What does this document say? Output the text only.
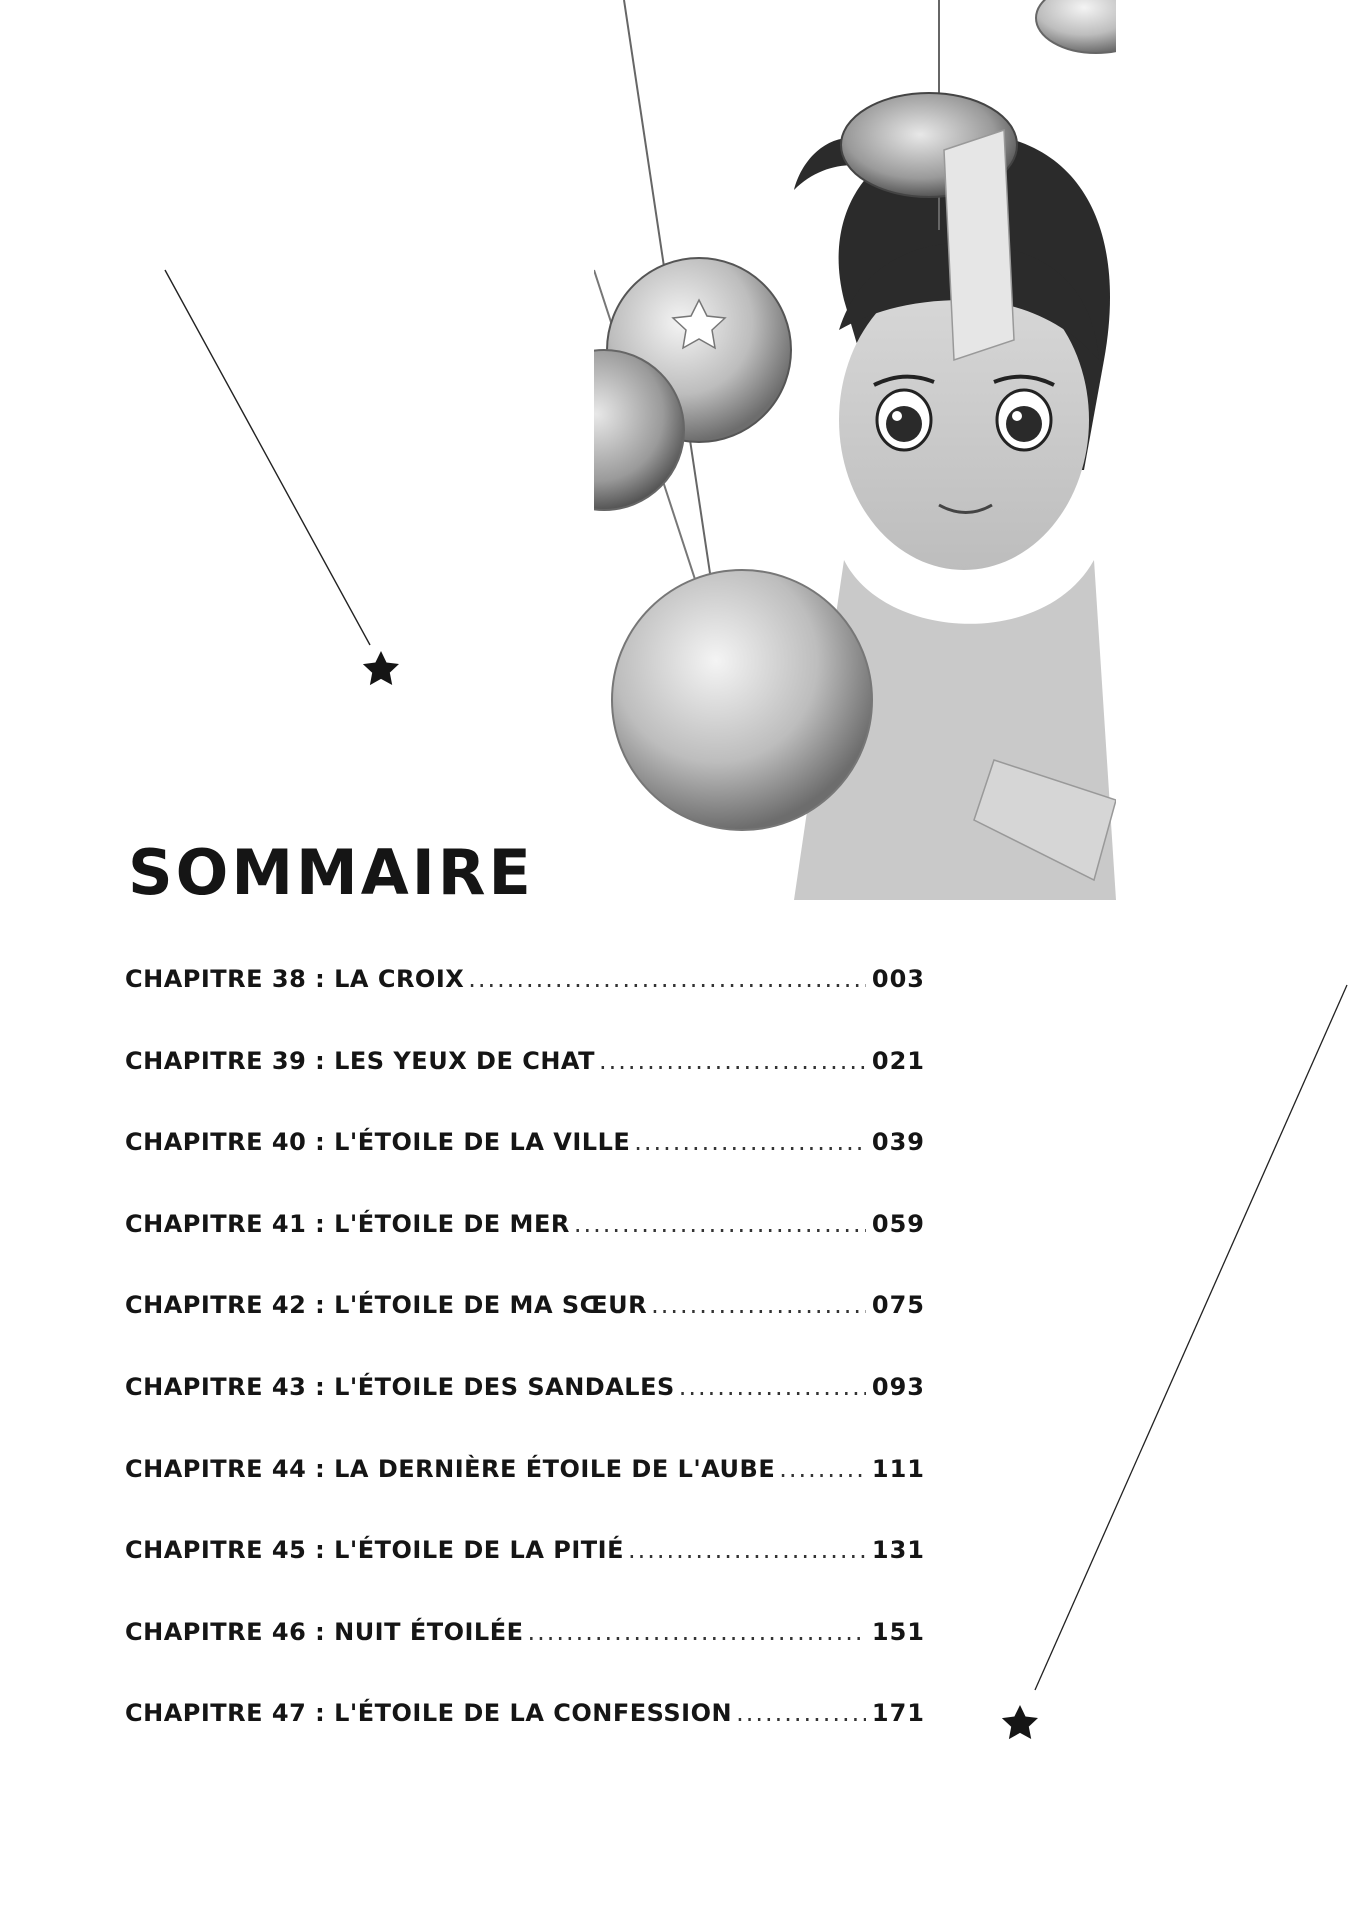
SOMMAIRE
CHAPITRE 38 : LA CROIX .....	003
CHAPITRE 39 : LES YEUX DE CHAT .....	021
CHAPITRE 40 : L'ÉTOILE DE LA VILLE .....	039
CHAPITRE 41 : L'ÉTOILE DE MER .....	059
CHAPITRE 42 : L'ÉTOILE DE MA SŒUR .....	075
CHAPITRE 43 : L'ÉTOILE DES SANDALES .....	093
CHAPITRE 44 : LA DERNIÈRE ÉTOILE DE L'AUBE .....	111
CHAPITRE 45 : L'ÉTOILE DE LA PITIÉ .....	131
CHAPITRE 46 : NUIT ÉTOILÉE .....	151
CHAPITRE 47 : L'ÉTOILE DE LA CONFESSION .....	171
